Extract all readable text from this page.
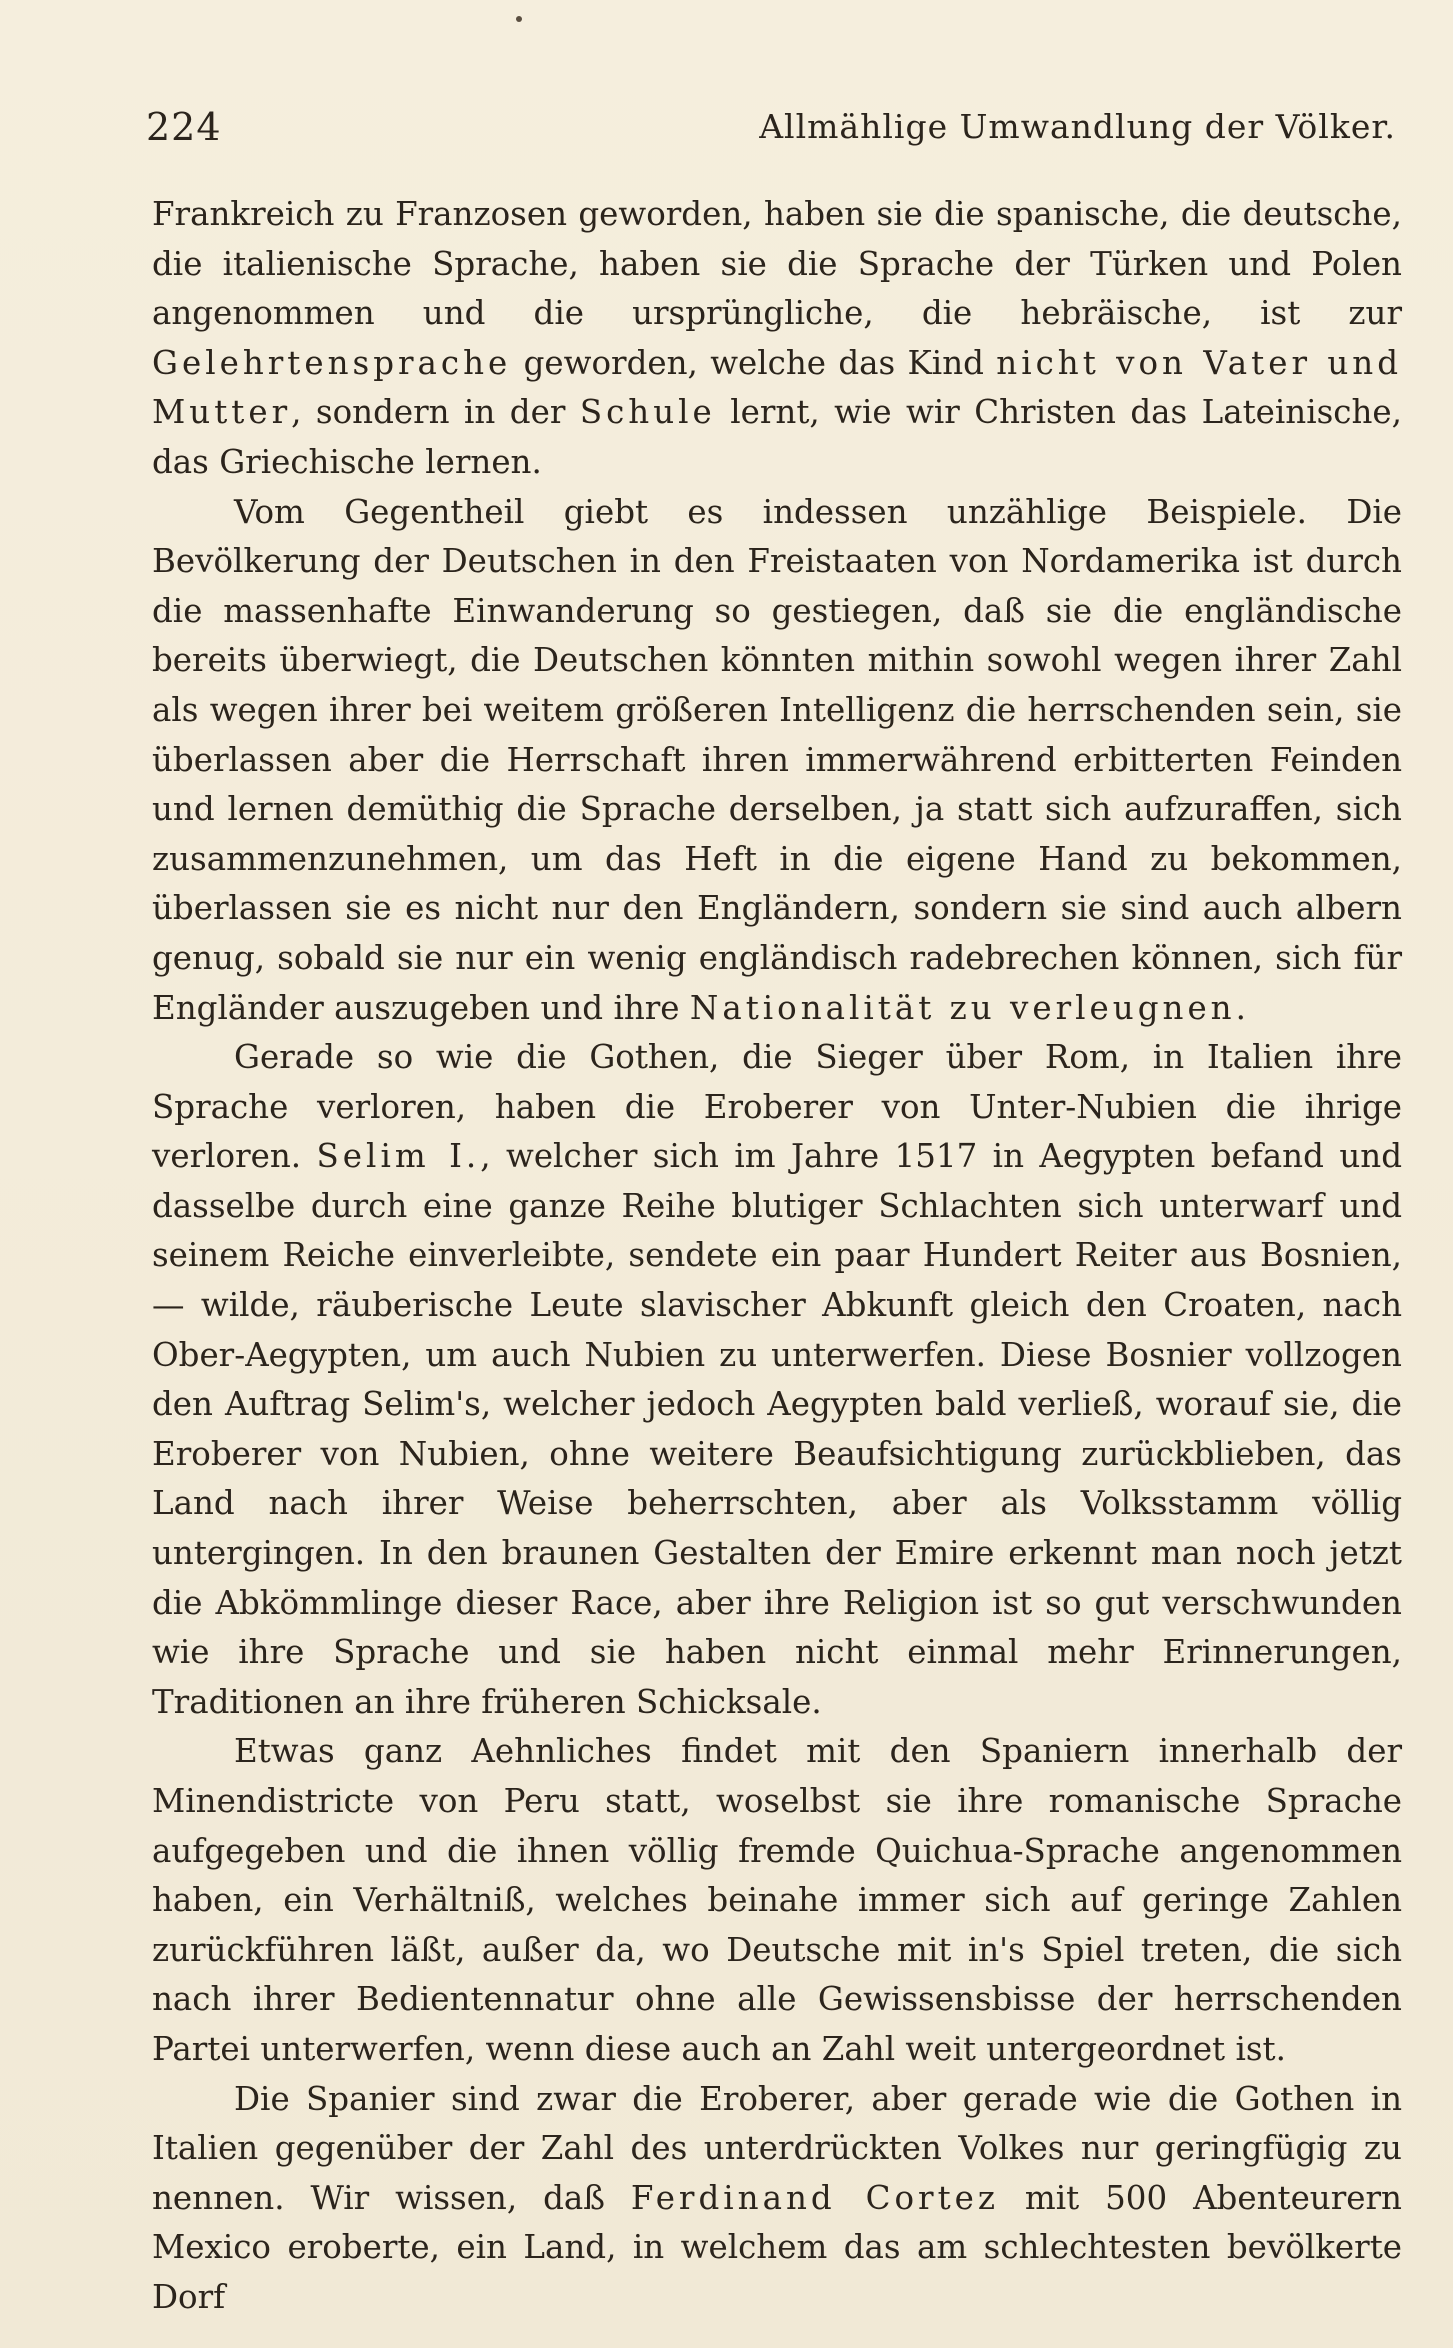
224	Allmählige Umwandlung der Völker.

Frankreich zu Franzosen geworden, haben sie die spanische, die deutsche, die italienische Sprache, haben sie die Sprache der Türken und Polen angenommen und die ursprüngliche, die hebräische, ist zur Gelehrtensprache geworden, welche das Kind nicht von Vater und Mutter, sondern in der Schule lernt, wie wir Christen das Lateinische, das Griechische lernen.

Vom Gegentheil giebt es indessen unzählige Beispiele. Die Bevölkerung der Deutschen in den Freistaaten von Nordamerika ist durch die massenhafte Einwanderung so gestiegen, daß sie die engländische bereits überwiegt, die Deutschen könnten mithin sowohl wegen ihrer Zahl als wegen ihrer bei weitem größeren Intelligenz die herrschenden sein, sie überlassen aber die Herrschaft ihren immerwährend erbitterten Feinden und lernen demüthig die Sprache derselben, ja statt sich aufzuraffen, sich zusammenzunehmen, um das Heft in die eigene Hand zu bekommen, überlassen sie es nicht nur den Engländern, sondern sie sind auch albern genug, sobald sie nur ein wenig engländisch radebrechen können, sich für Engländer auszugeben und ihre Nationalität zu verleugnen.

Gerade so wie die Gothen, die Sieger über Rom, in Italien ihre Sprache verloren, haben die Eroberer von Unter-Nubien die ihrige verloren. Selim I., welcher sich im Jahre 1517 in Aegypten befand und dasselbe durch eine ganze Reihe blutiger Schlachten sich unterwarf und seinem Reiche einverleibte, sendete ein paar Hundert Reiter aus Bosnien, — wilde, räuberische Leute slavischer Abkunft gleich den Croaten, nach Ober-Aegypten, um auch Nubien zu unterwerfen. Diese Bosnier vollzogen den Auftrag Selim's, welcher jedoch Aegypten bald verließ, worauf sie, die Eroberer von Nubien, ohne weitere Beaufsichtigung zurückblieben, das Land nach ihrer Weise beherrschten, aber als Volksstamm völlig untergingen. In den braunen Gestalten der Emire erkennt man noch jetzt die Abkömmlinge dieser Race, aber ihre Religion ist so gut verschwunden wie ihre Sprache und sie haben nicht einmal mehr Erinnerungen, Traditionen an ihre früheren Schicksale.

Etwas ganz Aehnliches findet mit den Spaniern innerhalb der Minendistricte von Peru statt, woselbst sie ihre romanische Sprache aufgegeben und die ihnen völlig fremde Quichua-Sprache angenommen haben, ein Verhältniß, welches beinahe immer sich auf geringe Zahlen zurückführen läßt, außer da, wo Deutsche mit in's Spiel treten, die sich nach ihrer Bedientennatur ohne alle Gewissensbisse der herrschenden Partei unterwerfen, wenn diese auch an Zahl weit untergeordnet ist.

Die Spanier sind zwar die Eroberer, aber gerade wie die Gothen in Italien gegenüber der Zahl des unterdrückten Volkes nur geringfügig zu nennen. Wir wissen, daß Ferdinand Cortez mit 500 Abenteurern Mexico eroberte, ein Land, in welchem das am schlechtesten bevölkerte Dorf
